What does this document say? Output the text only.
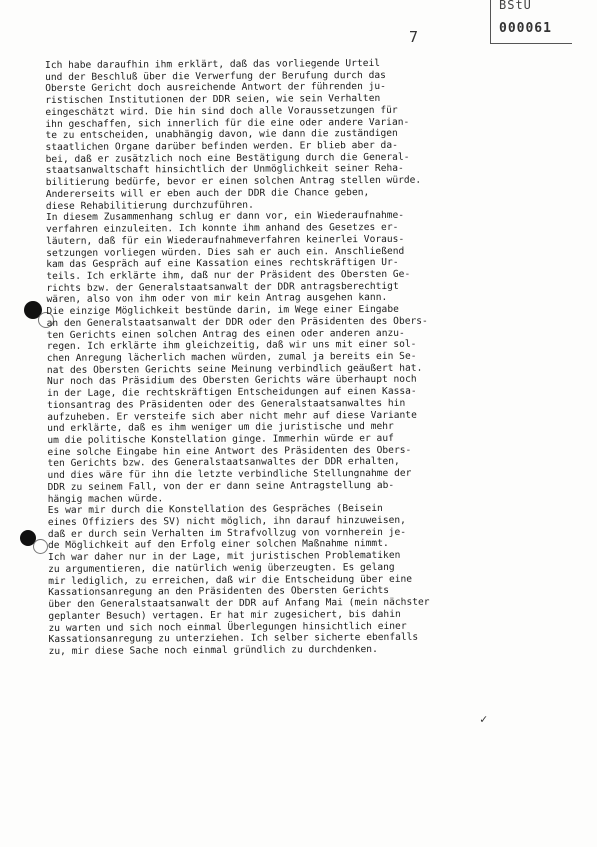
7
BStU
000061
Ich habe daraufhin ihm erklärt, daß das vorliegende Urteil
und der Beschluß über die Verwerfung der Berufung durch das
Oberste Gericht doch ausreichende Antwort der führenden ju-
ristischen Institutionen der DDR seien, wie sein Verhalten
eingeschätzt wird. Die hin sind doch alle Voraussetzungen für
ihn geschaffen, sich innerlich für die eine oder andere Varian-
te zu entscheiden, unabhängig davon, wie dann die zuständigen
staatlichen Organe darüber befinden werden. Er blieb aber da-
bei, daß er zusätzlich noch eine Bestätigung durch die General-
staatsanwaltschaft hinsichtlich der Unmöglichkeit seiner Reha-
bilitierung bedürfe, bevor er einen solchen Antrag stellen würde.
Andererseits will er eben auch der DDR die Chance geben,
diese Rehabilitierung durchzuführen.
In diesem Zusammenhang schlug er dann vor, ein Wiederaufnahme-
verfahren einzuleiten. Ich konnte ihm anhand des Gesetzes er-
läutern, daß für ein Wiederaufnahmeverfahren keinerlei Voraus-
setzungen vorliegen würden. Dies sah er auch ein. Anschließend
kam das Gespräch auf eine Kassation eines rechtskräftigen Ur-
teils. Ich erklärte ihm, daß nur der Präsident des Obersten Ge-
richts bzw. der Generalstaatsanwalt der DDR antragsberechtigt
wären, also von ihm oder von mir kein Antrag ausgehen kann.
Die einzige Möglichkeit bestünde darin, im Wege einer Eingabe
an den Generalstaatsanwalt der DDR oder den Präsidenten des Obers-
ten Gerichts einen solchen Antrag des einen oder anderen anzu-
regen. Ich erklärte ihm gleichzeitig, daß wir uns mit einer sol-
chen Anregung lächerlich machen würden, zumal ja bereits ein Se-
nat des Obersten Gerichts seine Meinung verbindlich geäußert hat.
Nur noch das Präsidium des Obersten Gerichts wäre überhaupt noch
in der Lage, die rechtskräftigen Entscheidungen auf einen Kassa-
tionsantrag des Präsidenten oder des Generalstaatsanwaltes hin
aufzuheben. Er versteife sich aber nicht mehr auf diese Variante
und erklärte, daß es ihm weniger um die juristische und mehr
um die politische Konstellation ginge. Immerhin würde er auf
eine solche Eingabe hin eine Antwort des Präsidenten des Obers-
ten Gerichts bzw. des Generalstaatsanwaltes der DDR erhalten,
und dies wäre für ihn die letzte verbindliche Stellungnahme der
DDR zu seinem Fall, von der er dann seine Antragstellung ab-
hängig machen würde.
Es war mir durch die Konstellation des Gespräches (Beisein
eines Offiziers des SV) nicht möglich, ihn darauf hinzuweisen,
daß er durch sein Verhalten im Strafvollzug von vornherein je-
de Möglichkeit auf den Erfolg einer solchen Maßnahme nimmt.
Ich war daher nur in der Lage, mit juristischen Problematiken
zu argumentieren, die natürlich wenig überzeugten. Es gelang
mir lediglich, zu erreichen, daß wir die Entscheidung über eine
Kassationsanregung an den Präsidenten des Obersten Gerichts
über den Generalstaatsanwalt der DDR auf Anfang Mai (mein nächster
geplanter Besuch) vertagen. Er hat mir zugesichert, bis dahin
zu warten und sich noch einmal Überlegungen hinsichtlich einer
Kassationsanregung zu unterziehen. Ich selber sicherte ebenfalls
zu, mir diese Sache noch einmal gründlich zu durchdenken.
✓
